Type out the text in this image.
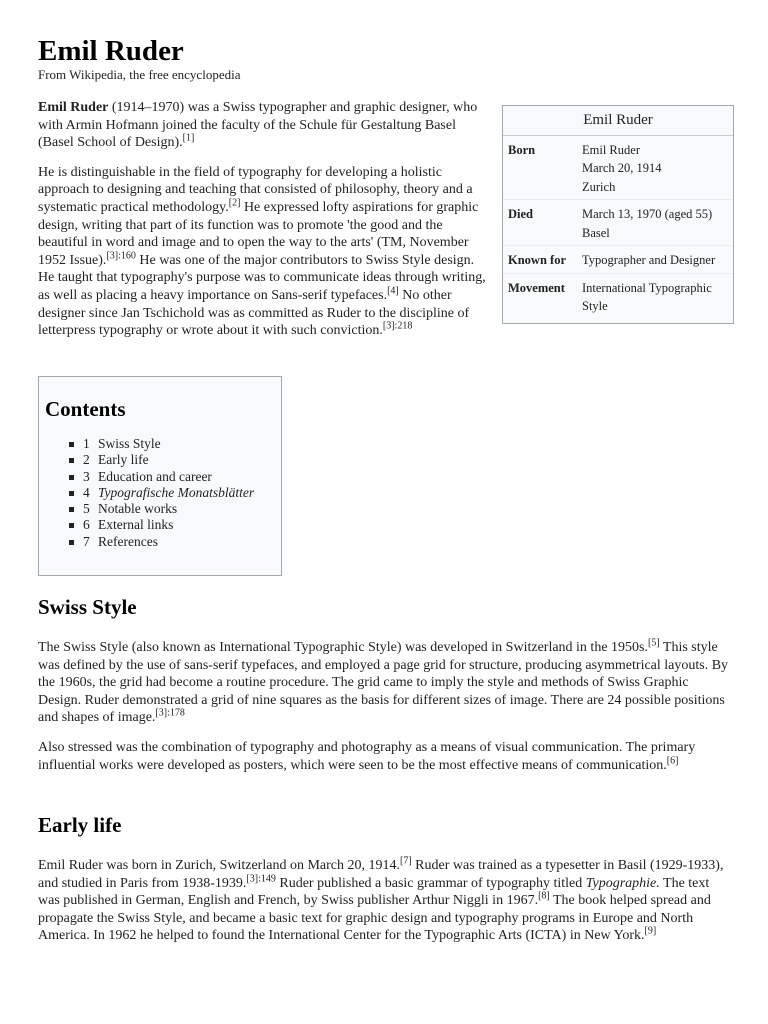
Emil Ruder
From Wikipedia, the free encyclopedia
Emil Ruder
Born	Emil Ruder
March 20, 1914
Zurich
Died	March 13, 1970 (aged 55)
Basel
Known for	Typographer and Designer
Movement	International Typographic Style

Emil Ruder (1914–1970) was a Swiss typographer and graphic designer, who with Armin Hofmann joined the faculty of the Schule für Gestaltung Basel (Basel School of Design).[1]

He is distinguishable in the field of typography for developing a holistic approach to designing and teaching that consisted of philosophy, theory and a systematic practical methodology.[2] He expressed lofty aspirations for graphic design, writing that part of its function was to promote 'the good and the beautiful in word and image and to open the way to the arts' (TM, November 1952 Issue).$^{[3]:160}$ He was one of the major contributors to Swiss Style design. He taught that typography's purpose was to communicate ideas through writing, as well as placing a heavy importance on Sans-serif typefaces.[4] No other designer since Jan Tschichold was as committed as Ruder to the discipline of letterpress typography or wrote about it with such conviction.$^{[3]:218}$

Contents
1 Swiss Style
2 Early life
3 Education and career
4 Typografische Monatsblätter
5 Notable works
6 External links
7 References
Swiss Style

The Swiss Style (also known as International Typographic Style) was developed in Switzerland in the 1950s.[5] This style was defined by the use of sans-serif typefaces, and employed a page grid for structure, producing asymmetrical layouts. By the 1960s, the grid had become a routine procedure. The grid came to imply the style and methods of Swiss Graphic Design. Ruder demonstrated a grid of nine squares as the basis for different sizes of image. There are 24 possible positions and shapes of image.$^{[3]:178}$

Also stressed was the combination of typography and photography as a means of visual communication. The primary influential works were developed as posters, which were seen to be the most effective means of communication.[6]

Early life

Emil Ruder was born in Zurich, Switzerland on March 20, 1914.[7] Ruder was trained as a typesetter in Basil (1929-1933), and studied in Paris from 1938-1939.$^{[3]:149}$ Ruder published a basic grammar of typography titled Typographie. The text was published in German, English and French, by Swiss publisher Arthur Niggli in 1967.[8] The book helped spread and propagate the Swiss Style, and became a basic text for graphic design and typography programs in Europe and North America. In 1962 he helped to found the International Center for the Typographic Arts (ICTA) in New York.[9]
